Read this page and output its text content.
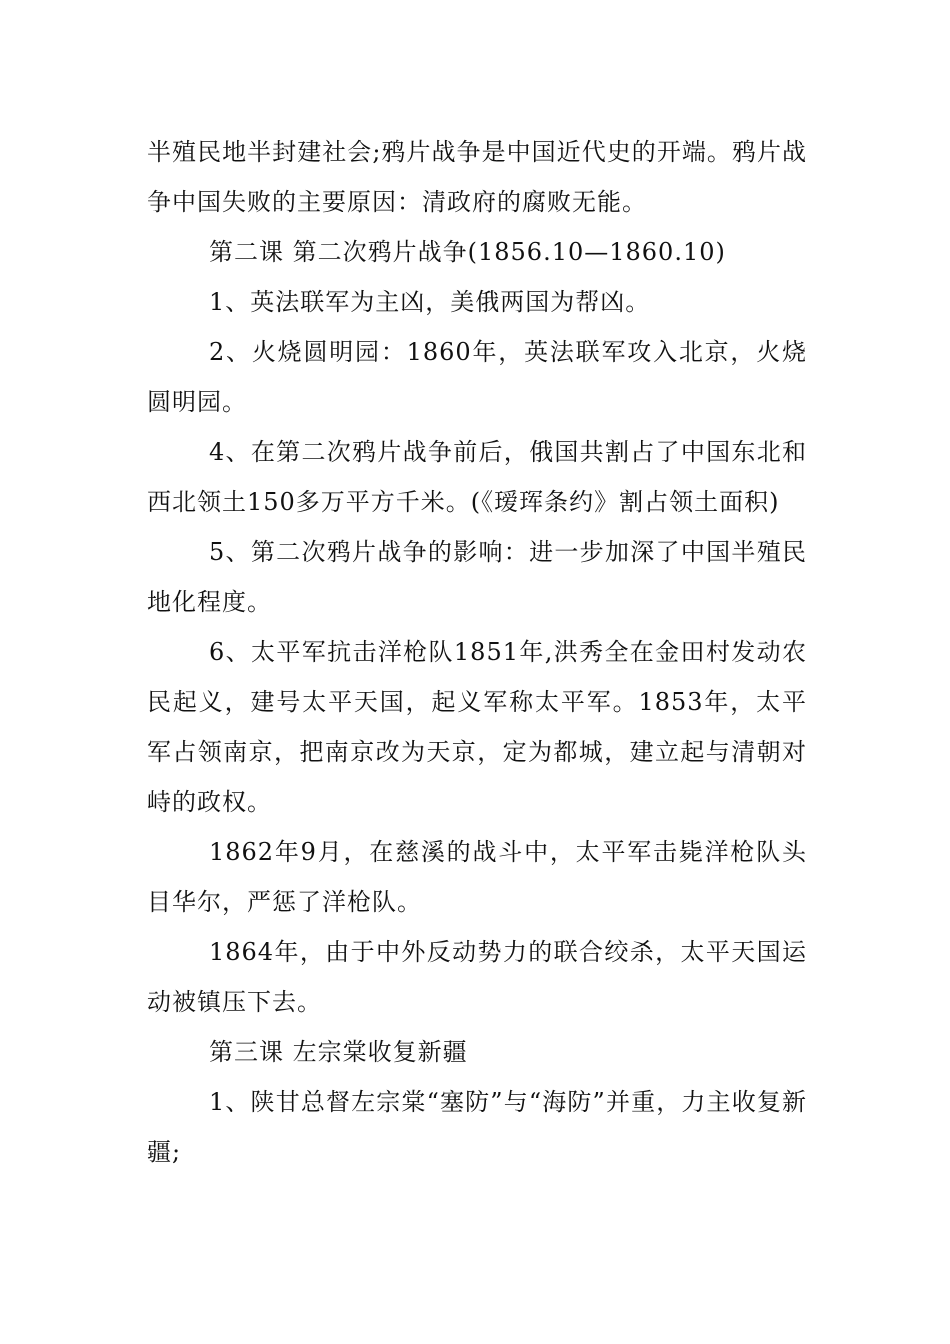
半殖民地半封建社会;鸦片战争是中国近代史的开端。鸦片战争中国失败的主要原因：清政府的腐败无能。

第二课 第二次鸦片战争(1856.10—1860.10)

1、英法联军为主凶，美俄两国为帮凶。

2、火烧圆明园：1860年，英法联军攻入北京，火烧圆明园。

4、在第二次鸦片战争前后，俄国共割占了中国东北和西北领土150多万平方千米。(《瑷珲条约》割占领土面积)

5、第二次鸦片战争的影响：进一步加深了中国半殖民地化程度。

6、太平军抗击洋枪队1851年,洪秀全在金田村发动农民起义，建号太平天国，起义军称太平军。1853年，太平军占领南京，把南京改为天京，定为都城，建立起与清朝对峙的政权。

1862年9月，在慈溪的战斗中，太平军击毙洋枪队头目华尔，严惩了洋枪队。

1864年，由于中外反动势力的联合绞杀，太平天国运动被镇压下去。

第三课 左宗棠收复新疆

1、陕甘总督左宗棠“塞防”与“海防”并重，力主收复新疆;
